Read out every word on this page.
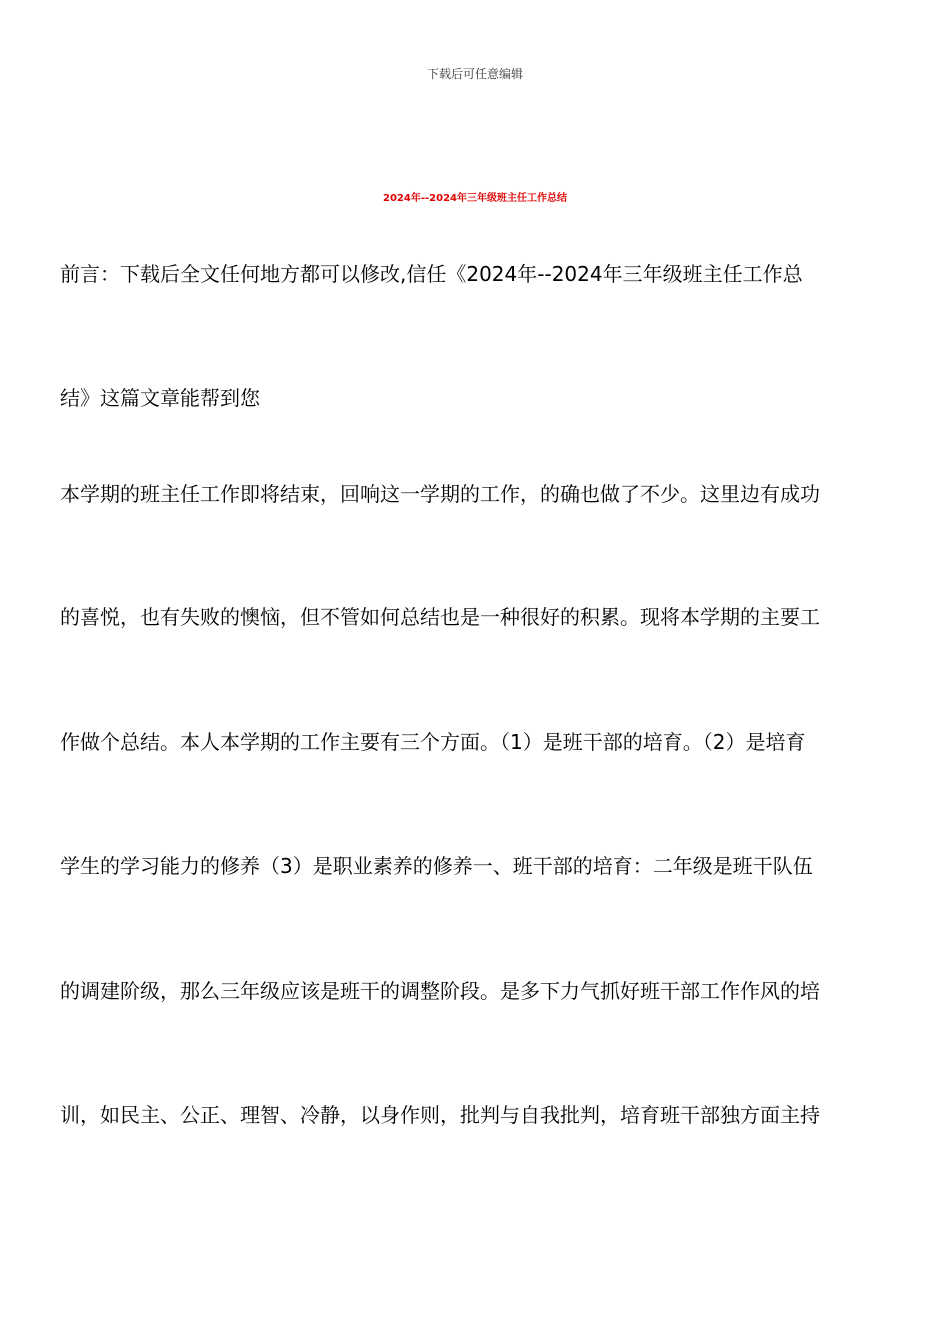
下载后可任意编辑
2024年--2024年三年级班主任工作总结
前言：下载后全文任何地方都可以修改,信任《2024年--2024年三年级班主任工作总
结》这篇文章能帮到您
本学期的班主任工作即将结束，回响这一学期的工作，的确也做了不少。这里边有成功
的喜悦，也有失败的懊恼，但不管如何总结也是一种很好的积累。现将本学期的主要工
作做个总结。本人本学期的工作主要有三个方面。（1）是班干部的培育。（2）是培育
学生的学习能力的修养（3）是职业素养的修养一、班干部的培育：二年级是班干队伍
的调建阶级，那么三年级应该是班干的调整阶段。是多下力气抓好班干部工作作风的培
训，如民主、公正、理智、冷静，以身作则，批判与自我批判，培育班干部独方面主持
